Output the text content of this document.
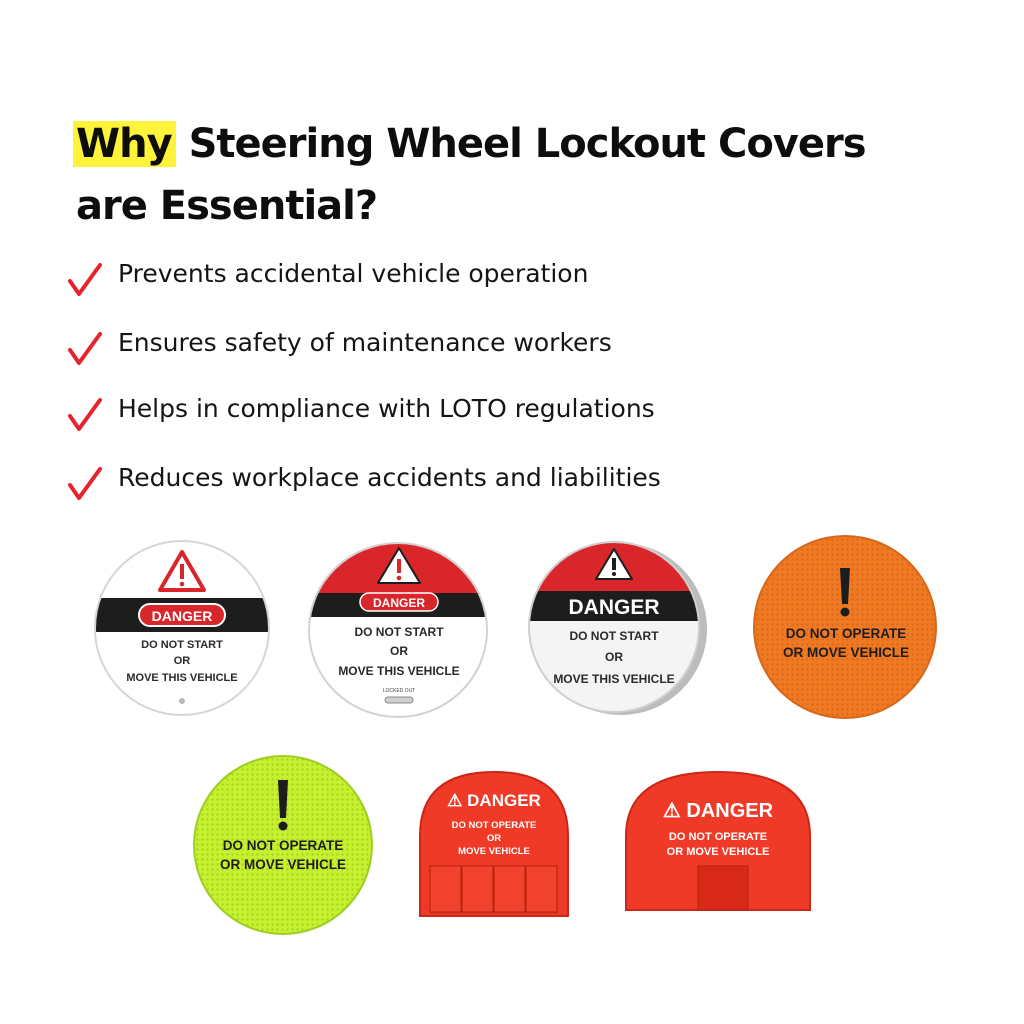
Why Steering Wheel Lockout Covers
are Essential?
Prevents accidental vehicle operation
Ensures safety of maintenance workers
Helps in compliance with LOTO regulations
Reduces workplace accidents and liabilities
DANGER
DO NOT START
OR
MOVE THIS VEHICLE
DANGER
DO NOT START
OR
MOVE THIS VEHICLE
LOCKED OUT
DANGER
DO NOT START
OR
MOVE THIS VEHICLE
DO NOT OPERATE
OR MOVE VEHICLE
DO NOT OPERATE
OR MOVE VEHICLE
⚠ DANGER
DO NOT OPERATE
OR
MOVE VEHICLE
⚠ DANGER
DO NOT OPERATE
OR MOVE VEHICLE
